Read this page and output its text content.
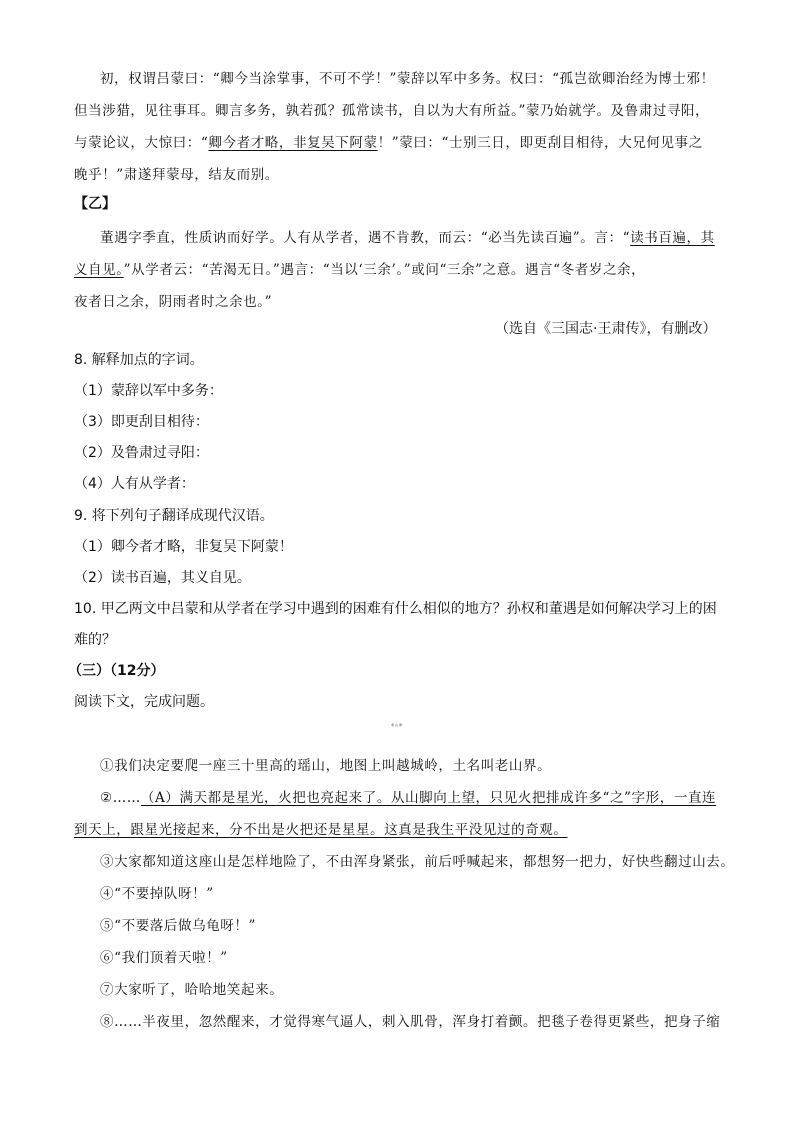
初，权谓吕蒙曰：“卿今当涂掌事，不可不学！”蒙辞以军中多务。权曰：“孤岂欲卿治经为博士邪！
但当涉猎，见往事耳。卿言多务，孰若孤？孤常读书，自以为大有所益。”蒙乃始就学。及鲁肃过寻阳，
与蒙论议，大惊曰：“卿今者才略，非复吴下阿蒙！”蒙曰：“士别三日，即更刮目相待，大兄何见事之
晚乎！”肃遂拜蒙母，结友而别。
【乙】
董遇字季直，性质讷而好学。人有从学者，遇不肯教，而云：“必当先读百遍”。言：“读书百遍，其
义自见。”从学者云：“苦渴无日。”遇言：“当以‘三余’。”或问“三余”之意。遇言“冬者岁之余，
夜者日之余，阴雨者时之余也。”
（选自《三国志·王肃传》，有删改）
8. 解释加点的字词。
（1）蒙辞以军中多务：
（3）即更刮目相待：
（2）及鲁肃过寻阳：
（4）人有从学者：
9. 将下列句子翻译成现代汉语。
（1）卿今者才略，非复吴下阿蒙！
（2）读书百遍，其义自见。
10. 甲乙两文中吕蒙和从学者在学习中遇到的困难有什么相似的地方？孙权和董遇是如何解决学习上的困
难的？
（三）（12分）
阅读下文，完成问题。
老山界
①我们决定要爬一座三十里高的瑶山，地图上叫越城岭，土名叫老山界。
②……（A）满天都是星光，火把也亮起来了。从山脚向上望，只见火把排成许多“之”字形，一直连
到天上，跟星光接起来，分不出是火把还是星星。这真是我生平没见过的奇观。
③大家都知道这座山是怎样地险了，不由浑身紧张，前后呼喊起来，都想努一把力，好快些翻过山去。
④“不要掉队呀！”
⑤“不要落后做乌龟呀！”
⑥“我们顶着天啦！”
⑦大家听了，哈哈地笑起来。
⑧……半夜里，忽然醒来，才觉得寒气逼人，刺入肌骨，浑身打着颤。把毯子卷得更紧些，把身子缩
